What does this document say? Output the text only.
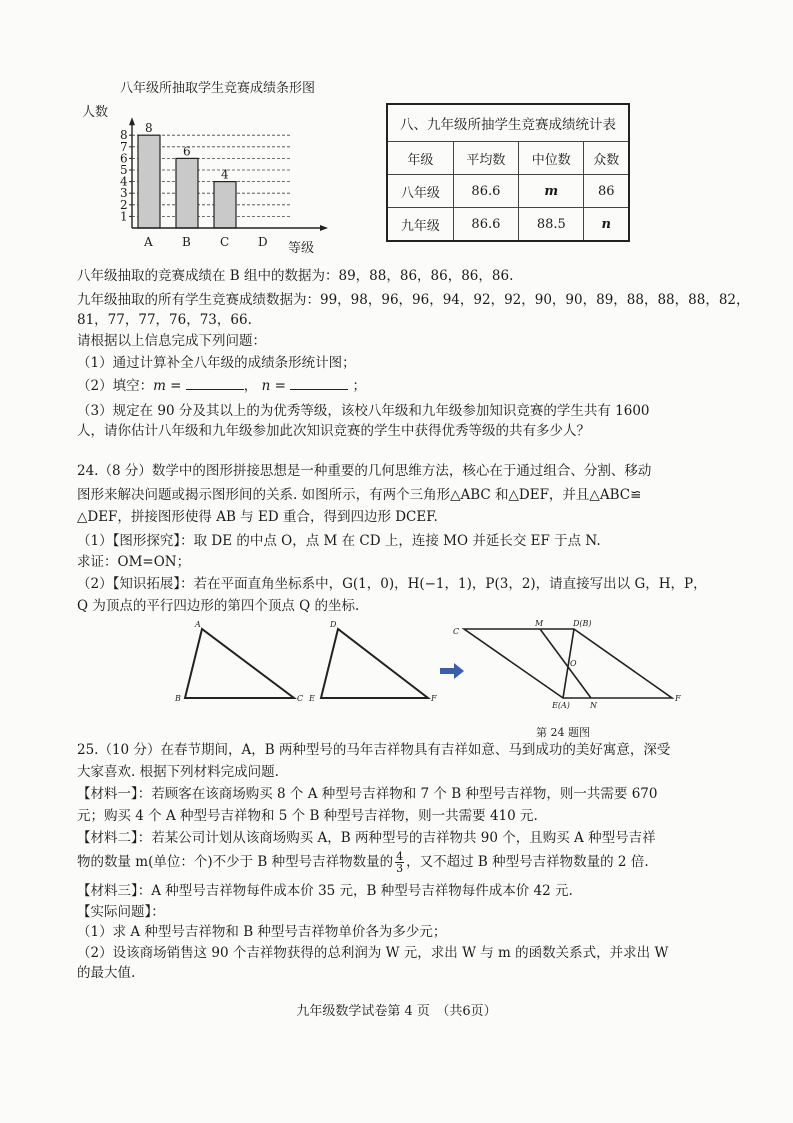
八年级所抽取学生竞赛成绩条形图
人数
等级
8
6
4
1
2
3
4
5
6
7
8
A B C D
八、九年级所抽学生竞赛成绩统计表			
年级	平均数	中位数	众数
八年级	86.6	m	86
九年级	86.6	88.5	n
八年级抽取的竞赛成绩在 B 组中的数据为：89，88，86，86，86，86.
九年级抽取的所有学生竞赛成绩数据为：99，98，96，96，94，92，92，90，90，89，88，88，88，82，
81，77，77，76，73，66.
请根据以上信息完成下列问题：
（1）通过计算补全八年级的成绩条形统计图；
（2）填空：m =	， n =	；
（3）规定在 90 分及其以上的为优秀等级，该校八年级和九年级参加知识竞赛的学生共有 1600
人，请你估计八年级和九年级参加此次知识竞赛的学生中获得优秀等级的共有多少人？
24.（8 分）数学中的图形拼接思想是一种重要的几何思维方法，核心在于通过组合、分割、移动
图形来解决问题或揭示图形间的关系. 如图所示，有两个三角形△ABC 和△DEF，并且△ABC≌
△DEF，拼接图形使得 AB 与 ED 重合，得到四边形 DCEF.
（1）【图形探究】：取 DE 的中点 O，点 M 在 CD 上，连接 MO 并延长交 EF 于点 N.
求证：OM=ON；
（2）【知识拓展】：若在平面直角坐标系中，G(1，0)，H(−1，1)，P(3，2)，请直接写出以 G，H，P，
Q 为顶点的平行四边形的第四个顶点 Q 的坐标.
A
B	C
D
E	F
C
M	D(B)
O
E(A)	N
F
第 24 题图
25.（10 分）在春节期间，A，B 两种型号的马年吉祥物具有吉祥如意、马到成功的美好寓意，深受
大家喜欢. 根据下列材料完成问题.
【材料一】：若顾客在该商场购买 8 个 A 种型号吉祥物和 7 个 B 种型号吉祥物，则一共需要 670
元；购买 4 个 A 种型号吉祥物和 5 个 B 种型号吉祥物，则一共需要 410 元.
【材料二】：若某公司计划从该商场购买 A，B 两种型号的吉祥物共 90 个，且购买 A 种型号吉祥
物的数量 m(单位：个)不少于 B 种型号吉祥物数量的 $\frac{4}{3}$ ，又不超过 B 种型号吉祥物数量的 2 倍.
【材料三】：A 种型号吉祥物每件成本价 35 元，B 种型号吉祥物每件成本价 42 元.
【实际问题】：
（1）求 A 种型号吉祥物和 B 种型号吉祥物单价各为多少元；
（2）设该商场销售这 90 个吉祥物获得的总利润为 W 元，求出 W 与 m 的函数关系式，并求出 W
的最大值.
九年级数学试卷第 4 页　（共6页）
